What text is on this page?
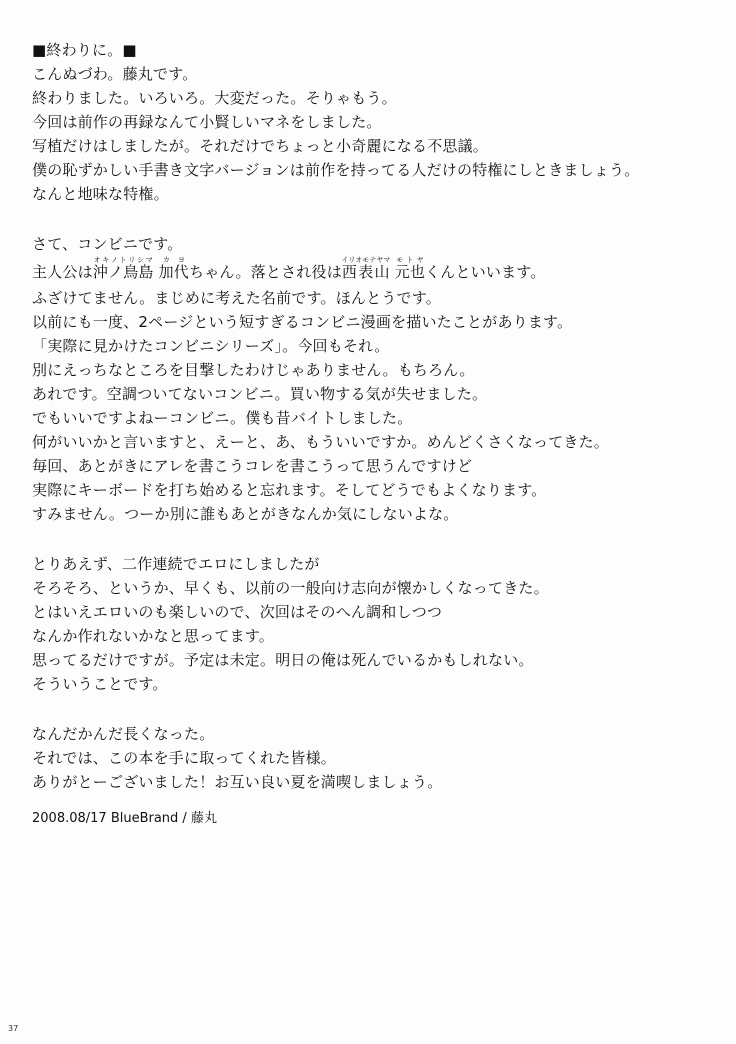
■終わりに。■
こんぬづわ。藤丸です。
終わりました。いろいろ。大変だった。そりゃもう。
今回は前作の再録なんて小賢しいマネをしました。
写植だけはしましたが。それだけでちょっと小奇麗になる不思議。
僕の恥ずかしい手書き文字バージョンは前作を持ってる人だけの特権にしときましょう。
なんと地味な特権。
さて、コンビニです。
主人公は沖ノ鳥島オキノトリシマ 加代カヨちゃん。落とされ役は西表山イリオモテヤマ 元也モトヤくんといいます。
ふざけてません。まじめに考えた名前です。ほんとうです。
以前にも一度、2ページという短すぎるコンビニ漫画を描いたことがあります。
「実際に見かけたコンビニシリーズ」。今回もそれ。
別にえっちなところを目撃したわけじゃありません。もちろん。
あれです。空調ついてないコンビニ。買い物する気が失せました。
でもいいですよねーコンビニ。僕も昔バイトしました。
何がいいかと言いますと、えーと、あ、もういいですか。めんどくさくなってきた。
毎回、あとがきにアレを書こうコレを書こうって思うんですけど
実際にキーボードを打ち始めると忘れます。そしてどうでもよくなります。
すみません。つーか別に誰もあとがきなんか気にしないよな。
とりあえず、二作連続でエロにしましたが
そろそろ、というか、早くも、以前の一般向け志向が懐かしくなってきた。
とはいえエロいのも楽しいので、次回はそのへん調和しつつ
なんか作れないかなと思ってます。
思ってるだけですが。予定は未定。明日の俺は死んでいるかもしれない。
そういうことです。
なんだかんだ長くなった。
それでは、この本を手に取ってくれた皆様。
ありがとーございました！お互い良い夏を満喫しましょう。
2008.08/17 BlueBrand / 藤丸
37
